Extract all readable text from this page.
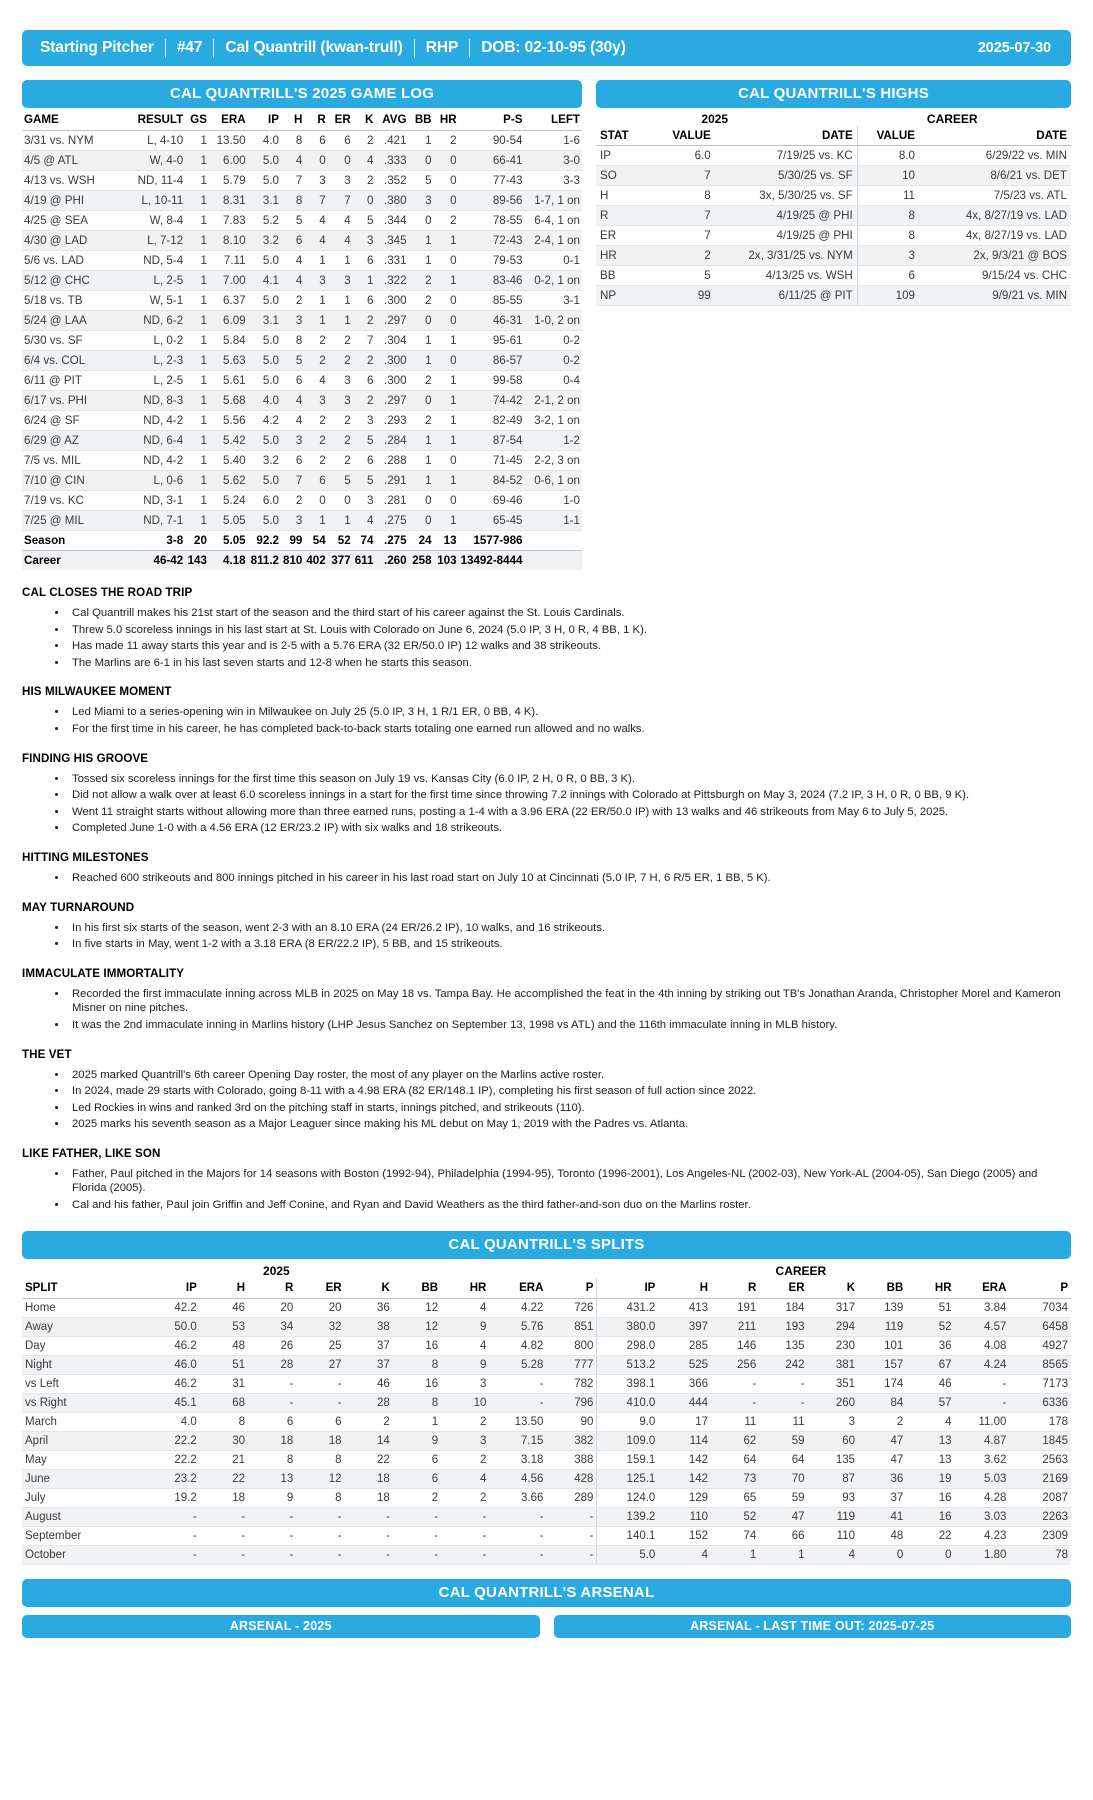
Starting Pitcher	#47	Cal Quantrill (kwan-trull)	RHP	DOB: 02-10-95 (30y)	2025-07-30
CAL QUANTRILL'S 2025 GAME LOG
GAME	RESULT	GS	ERA	IP	H	R	ER	K	AVG	BB	HR	P-S	LEFT
3/31 vs. NYM	L, 4-10	1	13.50	4.0	8	6	6	2	.421	1	2	90-54	1-6
4/5 @ ATL	W, 4-0	1	6.00	5.0	4	0	0	4	.333	0	0	66-41	3-0
4/13 vs. WSH	ND, 11-4	1	5.79	5.0	7	3	3	2	.352	5	0	77-43	3-3
4/19 @ PHI	L, 10-11	1	8.31	3.1	8	7	7	0	.380	3	0	89-56	1-7, 1 on
4/25 @ SEA	W, 8-4	1	7.83	5.2	5	4	4	5	.344	0	2	78-55	6-4, 1 on
4/30 @ LAD	L, 7-12	1	8.10	3.2	6	4	4	3	.345	1	1	72-43	2-4, 1 on
5/6 vs. LAD	ND, 5-4	1	7.11	5.0	4	1	1	6	.331	1	0	79-53	0-1
5/12 @ CHC	L, 2-5	1	7.00	4.1	4	3	3	1	.322	2	1	83-46	0-2, 1 on
5/18 vs. TB	W, 5-1	1	6.37	5.0	2	1	1	6	.300	2	0	85-55	3-1
5/24 @ LAA	ND, 6-2	1	6.09	3.1	3	1	1	2	.297	0	0	46-31	1-0, 2 on
5/30 vs. SF	L, 0-2	1	5.84	5.0	8	2	2	7	.304	1	1	95-61	0-2
6/4 vs. COL	L, 2-3	1	5.63	5.0	5	2	2	2	.300	1	0	86-57	0-2
6/11 @ PIT	L, 2-5	1	5.61	5.0	6	4	3	6	.300	2	1	99-58	0-4
6/17 vs. PHI	ND, 8-3	1	5.68	4.0	4	3	3	2	.297	0	1	74-42	2-1, 2 on
6/24 @ SF	ND, 4-2	1	5.56	4.2	4	2	2	3	.293	2	1	82-49	3-2, 1 on
6/29 @ AZ	ND, 6-4	1	5.42	5.0	3	2	2	5	.284	1	1	87-54	1-2
7/5 vs. MIL	ND, 4-2	1	5.40	3.2	6	2	2	6	.288	1	0	71-45	2-2, 3 on
7/10 @ CIN	L, 0-6	1	5.62	5.0	7	6	5	5	.291	1	1	84-52	0-6, 1 on
7/19 vs. KC	ND, 3-1	1	5.24	6.0	2	0	0	3	.281	0	0	69-46	1-0
7/25 @ MIL	ND, 7-1	1	5.05	5.0	3	1	1	4	.275	0	1	65-45	1-1
Season	3-8	20	5.05	92.2	99	54	52	74	.275	24	13	1577-986	
Career	46-42	143	4.18	811.2	810	402	377	611	.260	258	103	13492-8444	
CAL QUANTRILL'S HIGHS
2025	CAREER
STAT	VALUE	DATE	VALUE	DATE
IP	6.0	7/19/25 vs. KC	8.0	6/29/22 vs. MIN
SO	7	5/30/25 vs. SF	10	8/6/21 vs. DET
H	8	3x, 5/30/25 vs. SF	11	7/5/23 vs. ATL
R	7	4/19/25 @ PHI	8	4x, 8/27/19 vs. LAD
ER	7	4/19/25 @ PHI	8	4x, 8/27/19 vs. LAD
HR	2	2x, 3/31/25 vs. NYM	3	2x, 9/3/21 @ BOS
BB	5	4/13/25 vs. WSH	6	9/15/24 vs. CHC
NP	99	6/11/25 @ PIT	109	9/9/21 vs. MIN
CAL CLOSES THE ROAD TRIP
• Cal Quantrill makes his 21st start of the season and the third start of his career against the St. Louis Cardinals.
• Threw 5.0 scoreless innings in his last start at St. Louis with Colorado on June 6, 2024 (5.0 IP, 3 H, 0 R, 4 BB, 1 K).
• Has made 11 away starts this year and is 2-5 with a 5.76 ERA (32 ER/50.0 IP) 12 walks and 38 strikeouts.
• The Marlins are 6-1 in his last seven starts and 12-8 when he starts this season.
HIS MILWAUKEE MOMENT
• Led Miami to a series-opening win in Milwaukee on July 25 (5.0 IP, 3 H, 1 R/1 ER, 0 BB, 4 K).
• For the first time in his career, he has completed back-to-back starts totaling one earned run allowed and no walks.
FINDING HIS GROOVE
• Tossed six scoreless innings for the first time this season on July 19 vs. Kansas City (6.0 IP, 2 H, 0 R, 0 BB, 3 K).
• Did not allow a walk over at least 6.0 scoreless innings in a start for the first time since throwing 7.2 innings with Colorado at Pittsburgh on May 3, 2024 (7.2 IP, 3 H, 0 R, 0 BB, 9 K).
• Went 11 straight starts without allowing more than three earned runs, posting a 1-4 with a 3.96 ERA (22 ER/50.0 IP) with 13 walks and 46 strikeouts from May 6 to July 5, 2025.
• Completed June 1-0 with a 4.56 ERA (12 ER/23.2 IP) with six walks and 18 strikeouts.
HITTING MILESTONES
• Reached 600 strikeouts and 800 innings pitched in his career in his last road start on July 10 at Cincinnati (5.0 IP, 7 H, 6 R/5 ER, 1 BB, 5 K).
MAY TURNAROUND
• In his first six starts of the season, went 2-3 with an 8.10 ERA (24 ER/26.2 IP), 10 walks, and 16 strikeouts.
• In five starts in May, went 1-2 with a 3.18 ERA (8 ER/22.2 IP), 5 BB, and 15 strikeouts.
IMMACULATE IMMORTALITY
• Recorded the first immaculate inning across MLB in 2025 on May 18 vs. Tampa Bay. He accomplished the feat in the 4th inning by striking out TB's Jonathan Aranda, Christopher Morel and Kameron Misner on nine pitches.
• It was the 2nd immaculate inning in Marlins history (LHP Jesus Sanchez on September 13, 1998 vs ATL) and the 116th immaculate inning in MLB history.
THE VET
• 2025 marked Quantrill's 6th career Opening Day roster, the most of any player on the Marlins active roster.
• In 2024, made 29 starts with Colorado, going 8-11 with a 4.98 ERA (82 ER/148.1 IP), completing his first season of full action since 2022.
• Led Rockies in wins and ranked 3rd on the pitching staff in starts, innings pitched, and strikeouts (110).
• 2025 marks his seventh season as a Major Leaguer since making his ML debut on May 1, 2019 with the Padres vs. Atlanta.
LIKE FATHER, LIKE SON
• Father, Paul pitched in the Majors for 14 seasons with Boston (1992-94), Philadelphia (1994-95), Toronto (1996-2001), Los Angeles-NL (2002-03), New York-AL (2004-05), San Diego (2005) and Florida (2005).
• Cal and his father, Paul join Griffin and Jeff Conine, and Ryan and David Weathers as the third father-and-son duo on the Marlins roster.
CAL QUANTRILL'S SPLITS
2025	CAREER
SPLIT	IP	H	R	ER	K	BB	HR	ERA	P	IP	H	R	ER	K	BB	HR	ERA	P
Home	42.2	46	20	20	36	12	4	4.22	726	431.2	413	191	184	317	139	51	3.84	7034
Away	50.0	53	34	32	38	12	9	5.76	851	380.0	397	211	193	294	119	52	4.57	6458
Day	46.2	48	26	25	37	16	4	4.82	800	298.0	285	146	135	230	101	36	4.08	4927
Night	46.0	51	28	27	37	8	9	5.28	777	513.2	525	256	242	381	157	67	4.24	8565
vs Left	46.2	31	-	-	46	16	3	-	782	398.1	366	-	-	351	174	46	-	7173
vs Right	45.1	68	-	-	28	8	10	-	796	410.0	444	-	-	260	84	57	-	6336
March	4.0	8	6	6	2	1	2	13.50	90	9.0	17	11	11	3	2	4	11.00	178
April	22.2	30	18	18	14	9	3	7.15	382	109.0	114	62	59	60	47	13	4.87	1845
May	22.2	21	8	8	22	6	2	3.18	388	159.1	142	64	64	135	47	13	3.62	2563
June	23.2	22	13	12	18	6	4	4.56	428	125.1	142	73	70	87	36	19	5.03	2169
July	19.2	18	9	8	18	2	2	3.66	289	124.0	129	65	59	93	37	16	4.28	2087
August	-	-	-	-	-	-	-	-	-	139.2	110	52	47	119	41	16	3.03	2263
September	-	-	-	-	-	-	-	-	-	140.1	152	74	66	110	48	22	4.23	2309
October	-	-	-	-	-	-	-	-	-	5.0	4	1	1	4	0	0	1.80	78
CAL QUANTRILL'S ARSENAL
ARSENAL - 2025	ARSENAL - LAST TIME OUT: 2025-07-25
